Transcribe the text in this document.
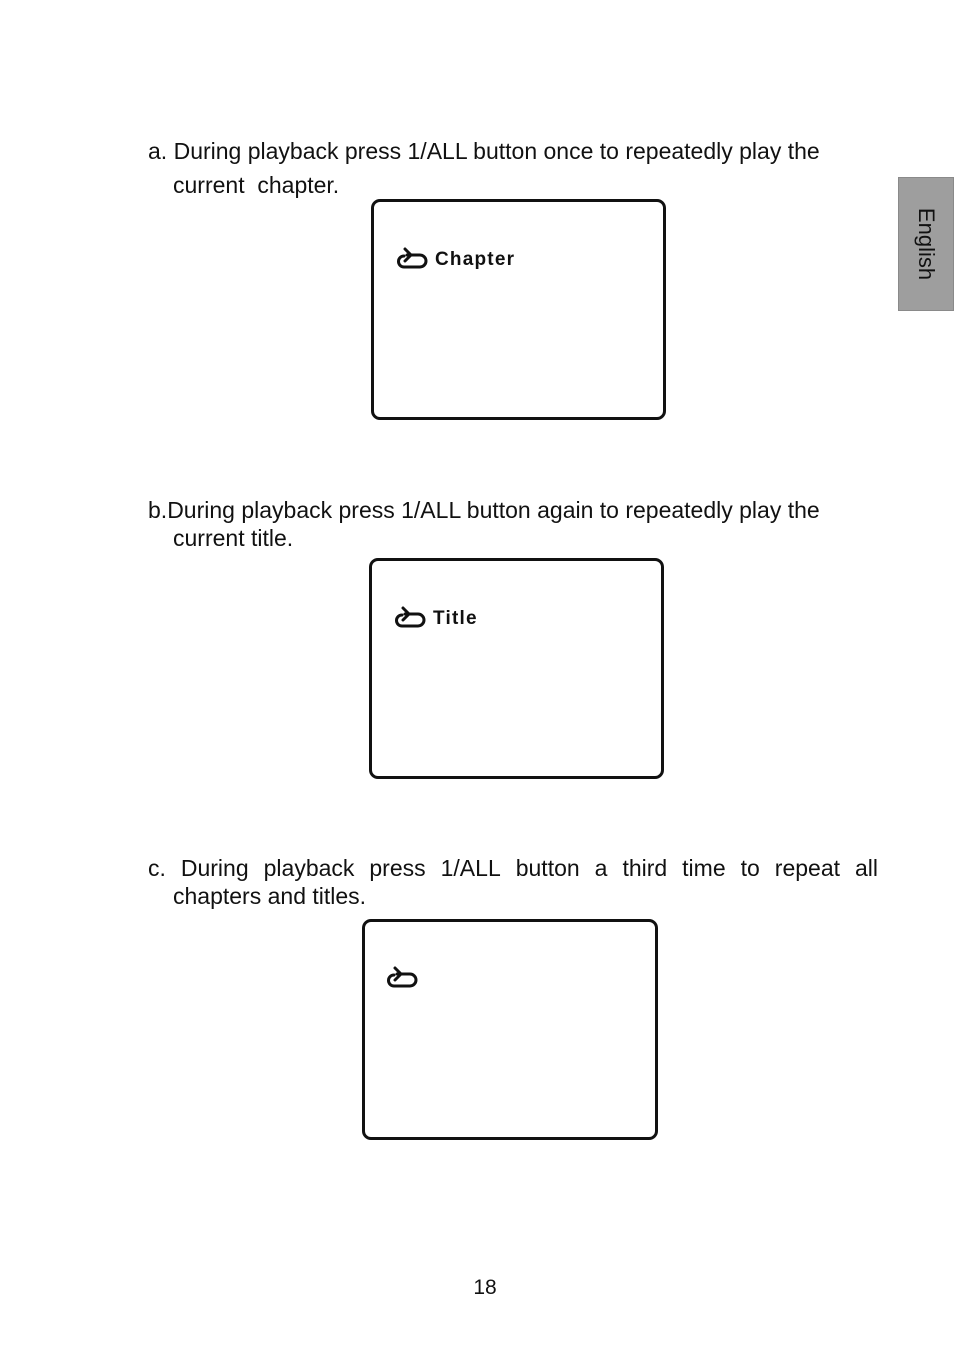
English
a.
During playback press 1/ALL button once to repeatedly play the
current  chapter.
Chapter
b. During playback press 1/ALL button again to repeatedly play the
current title.
Title
c. During playback press 1/ALL button a third time to repeat all
chapters and titles.
18
